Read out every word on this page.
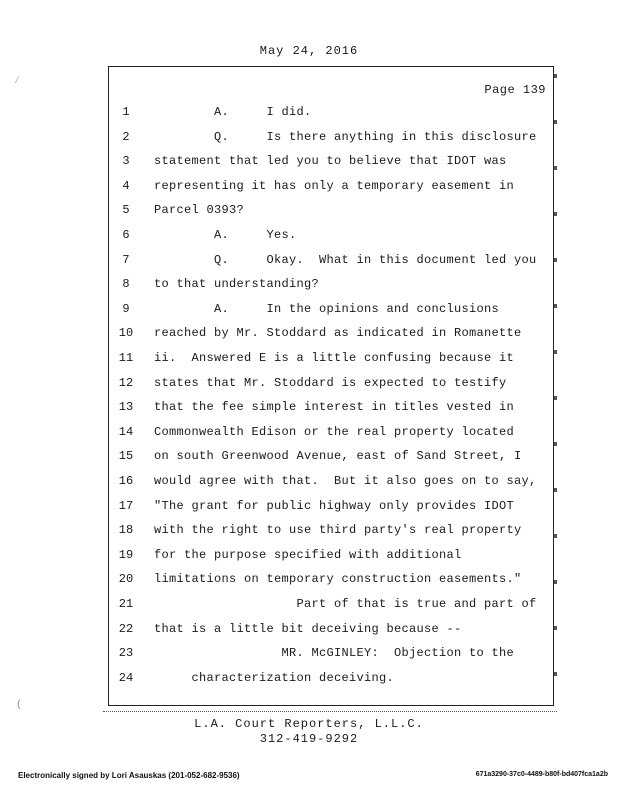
May 24, 2016
Page 139
1	A.     I did.
2	Q.     Is there anything in this disclosure
3	statement that led you to believe that IDOT was
4	representing it has only a temporary easement in
5	Parcel 0393?
6	A.     Yes.
7	Q.     Okay.  What in this document led you
8	to that understanding?
9	A.     In the opinions and conclusions
10	reached by Mr. Stoddard as indicated in Romanette
11	ii.  Answered E is a little confusing because it
12	states that Mr. Stoddard is expected to testify
13	that the fee simple interest in titles vested in
14	Commonwealth Edison or the real property located
15	on south Greenwood Avenue, east of Sand Street, I
16	would agree with that.  But it also goes on to say,
17	"The grant for public highway only provides IDOT
18	with the right to use third party's real property
19	for the purpose specified with additional
20	limitations on temporary construction easements."
21	Part of that is true and part of
22	that is a little bit deceiving because --
23	MR. McGINLEY:  Objection to the
24	characterization deceiving.
L.A. Court Reporters, L.L.C.
312-419-9292
Electronically signed by Lori Asauskas (201-052-682-9536)	671a3290-37c0-4489-b80f-bd407fca1a2b
⁄
(
